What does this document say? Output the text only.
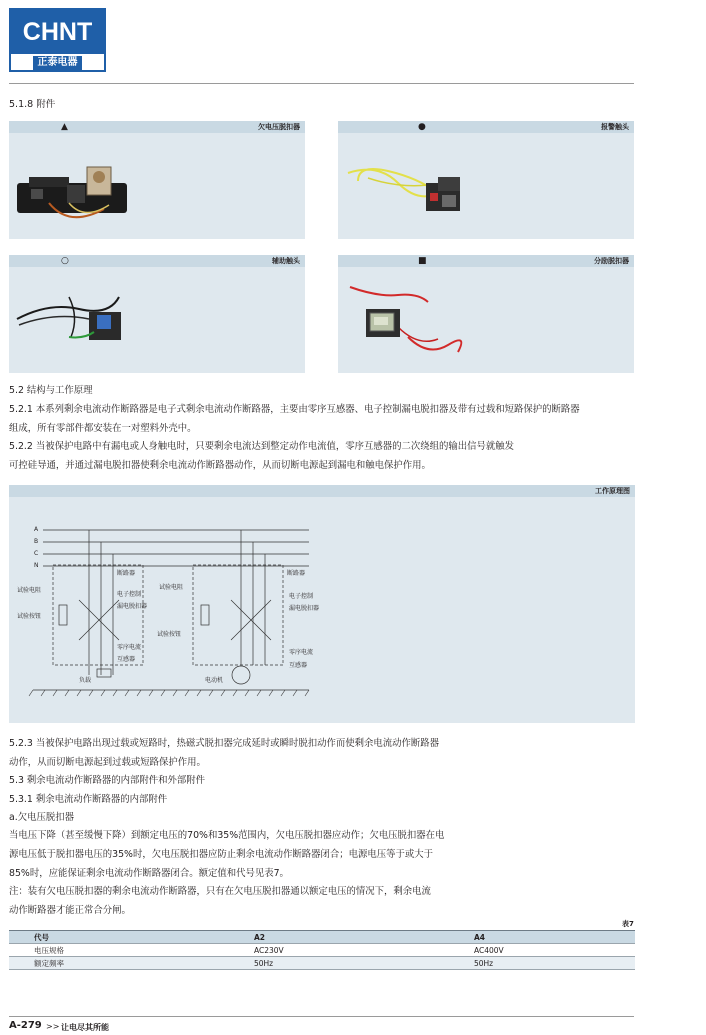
CHNT
正泰电器
5.1.8 附件
▲	欠电压脱扣器	●	报警触头
○	辅助触头	■	分励脱扣器
5.2 结构与工作原理
5.2.1 本系列剩余电流动作断路器是电子式剩余电流动作断路器，主要由零序互感器、电子控制漏电脱扣器及带有过载和短路保护的断路器
组成，所有零部件都安装在一对塑料外壳中。
5.2.2 当被保护电路中有漏电或人身触电时，只要剩余电流达到整定动作电流值，零序互感器的二次绕组的输出信号就触发
可控硅导通，并通过漏电脱扣器使剩余电流动作断路器动作，从而切断电源起到漏电和触电保护作用。
工作原理图
A
B
C
N
断路器
试验电阻
试验按钮
电子控制
漏电脱扣器
零序电流
互感器
负载
断路器
试验电阻
试验按钮
电子控制
漏电脱扣器
零序电流
互感器
电动机
5.2.3 当被保护电路出现过载或短路时，热磁式脱扣器完成延时或瞬时脱扣动作而使剩余电流动作断路器
动作，从而切断电源起到过载或短路保护作用。
5.3 剩余电流动作断路器的内部附件和外部附件
5.3.1 剩余电流动作断路器的内部附件
a.欠电压脱扣器
当电压下降（甚至缓慢下降）到额定电压的70%和35%范围内，欠电压脱扣器应动作；欠电压脱扣器在电
源电压低于脱扣器电压的35%时，欠电压脱扣器应防止剩余电流动作断路器闭合；电源电压等于或大于
85%时，应能保证剩余电流动作断路器闭合。额定值和代号见表7。
注：装有欠电压脱扣器的剩余电流动作断路器，只有在欠电压脱扣器通以额定电压的情况下，剩余电流
动作断路器才能正常合分闸。
表7
代号	A2	A4
电压规格	AC230V	AC400V
额定频率	50Hz	50Hz
A-279 >> 让电尽其所能
